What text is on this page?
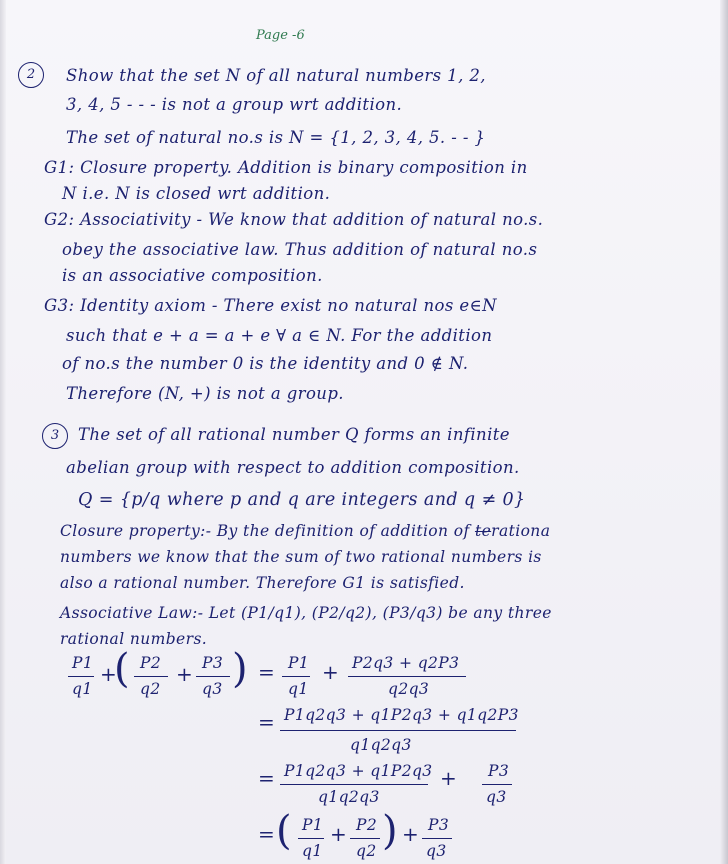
Page -6
2	Show that the set N of all natural numbers 1, 2,
3, 4, 5 - - - is not a group wrt addition.
The set of natural no.s is N = {1, 2, 3, 4, 5. - - }
G1: Closure property. Addition is binary composition in
N i.e. N is closed wrt addition.
G2: Associativity - We know that addition of natural no.s.
obey the associative law. Thus addition of natural no.s
is an associative composition.
G3: Identity axiom - There exist no natural nos e∈N
such that e + a = a + e ∀ a ∈ N. For the addition
of no.s the number 0 is the identity and 0 ∉ N.
Therefore (N, +) is not a group.
3	The set of all rational number Q forms an infinite
abelian group with respect to addition composition.
Q = {p/q where p and q are integers and q ≠ 0}
Closure property:- By the definition of addition of terationa
numbers we know that the sum of two rational numbers is
also a rational number. Therefore G1 is satisfied.
Associative Law:- Let (P1/q1), (P2/q2), (P3/q3) be any three
rational numbers.
P1
q1
+
( P2
q2
+ P3
q3 ) = P1
q1
+ P2q3 + q2P3
q2q3
= P1q2q3 + q1P2q3 + q1q2P3
q1q2q3
= P1q2q3 + q1P2q3
q1q2q3
+ P3
q3
= ( P1
q1
+ P2
q2 ) + P3
q3
